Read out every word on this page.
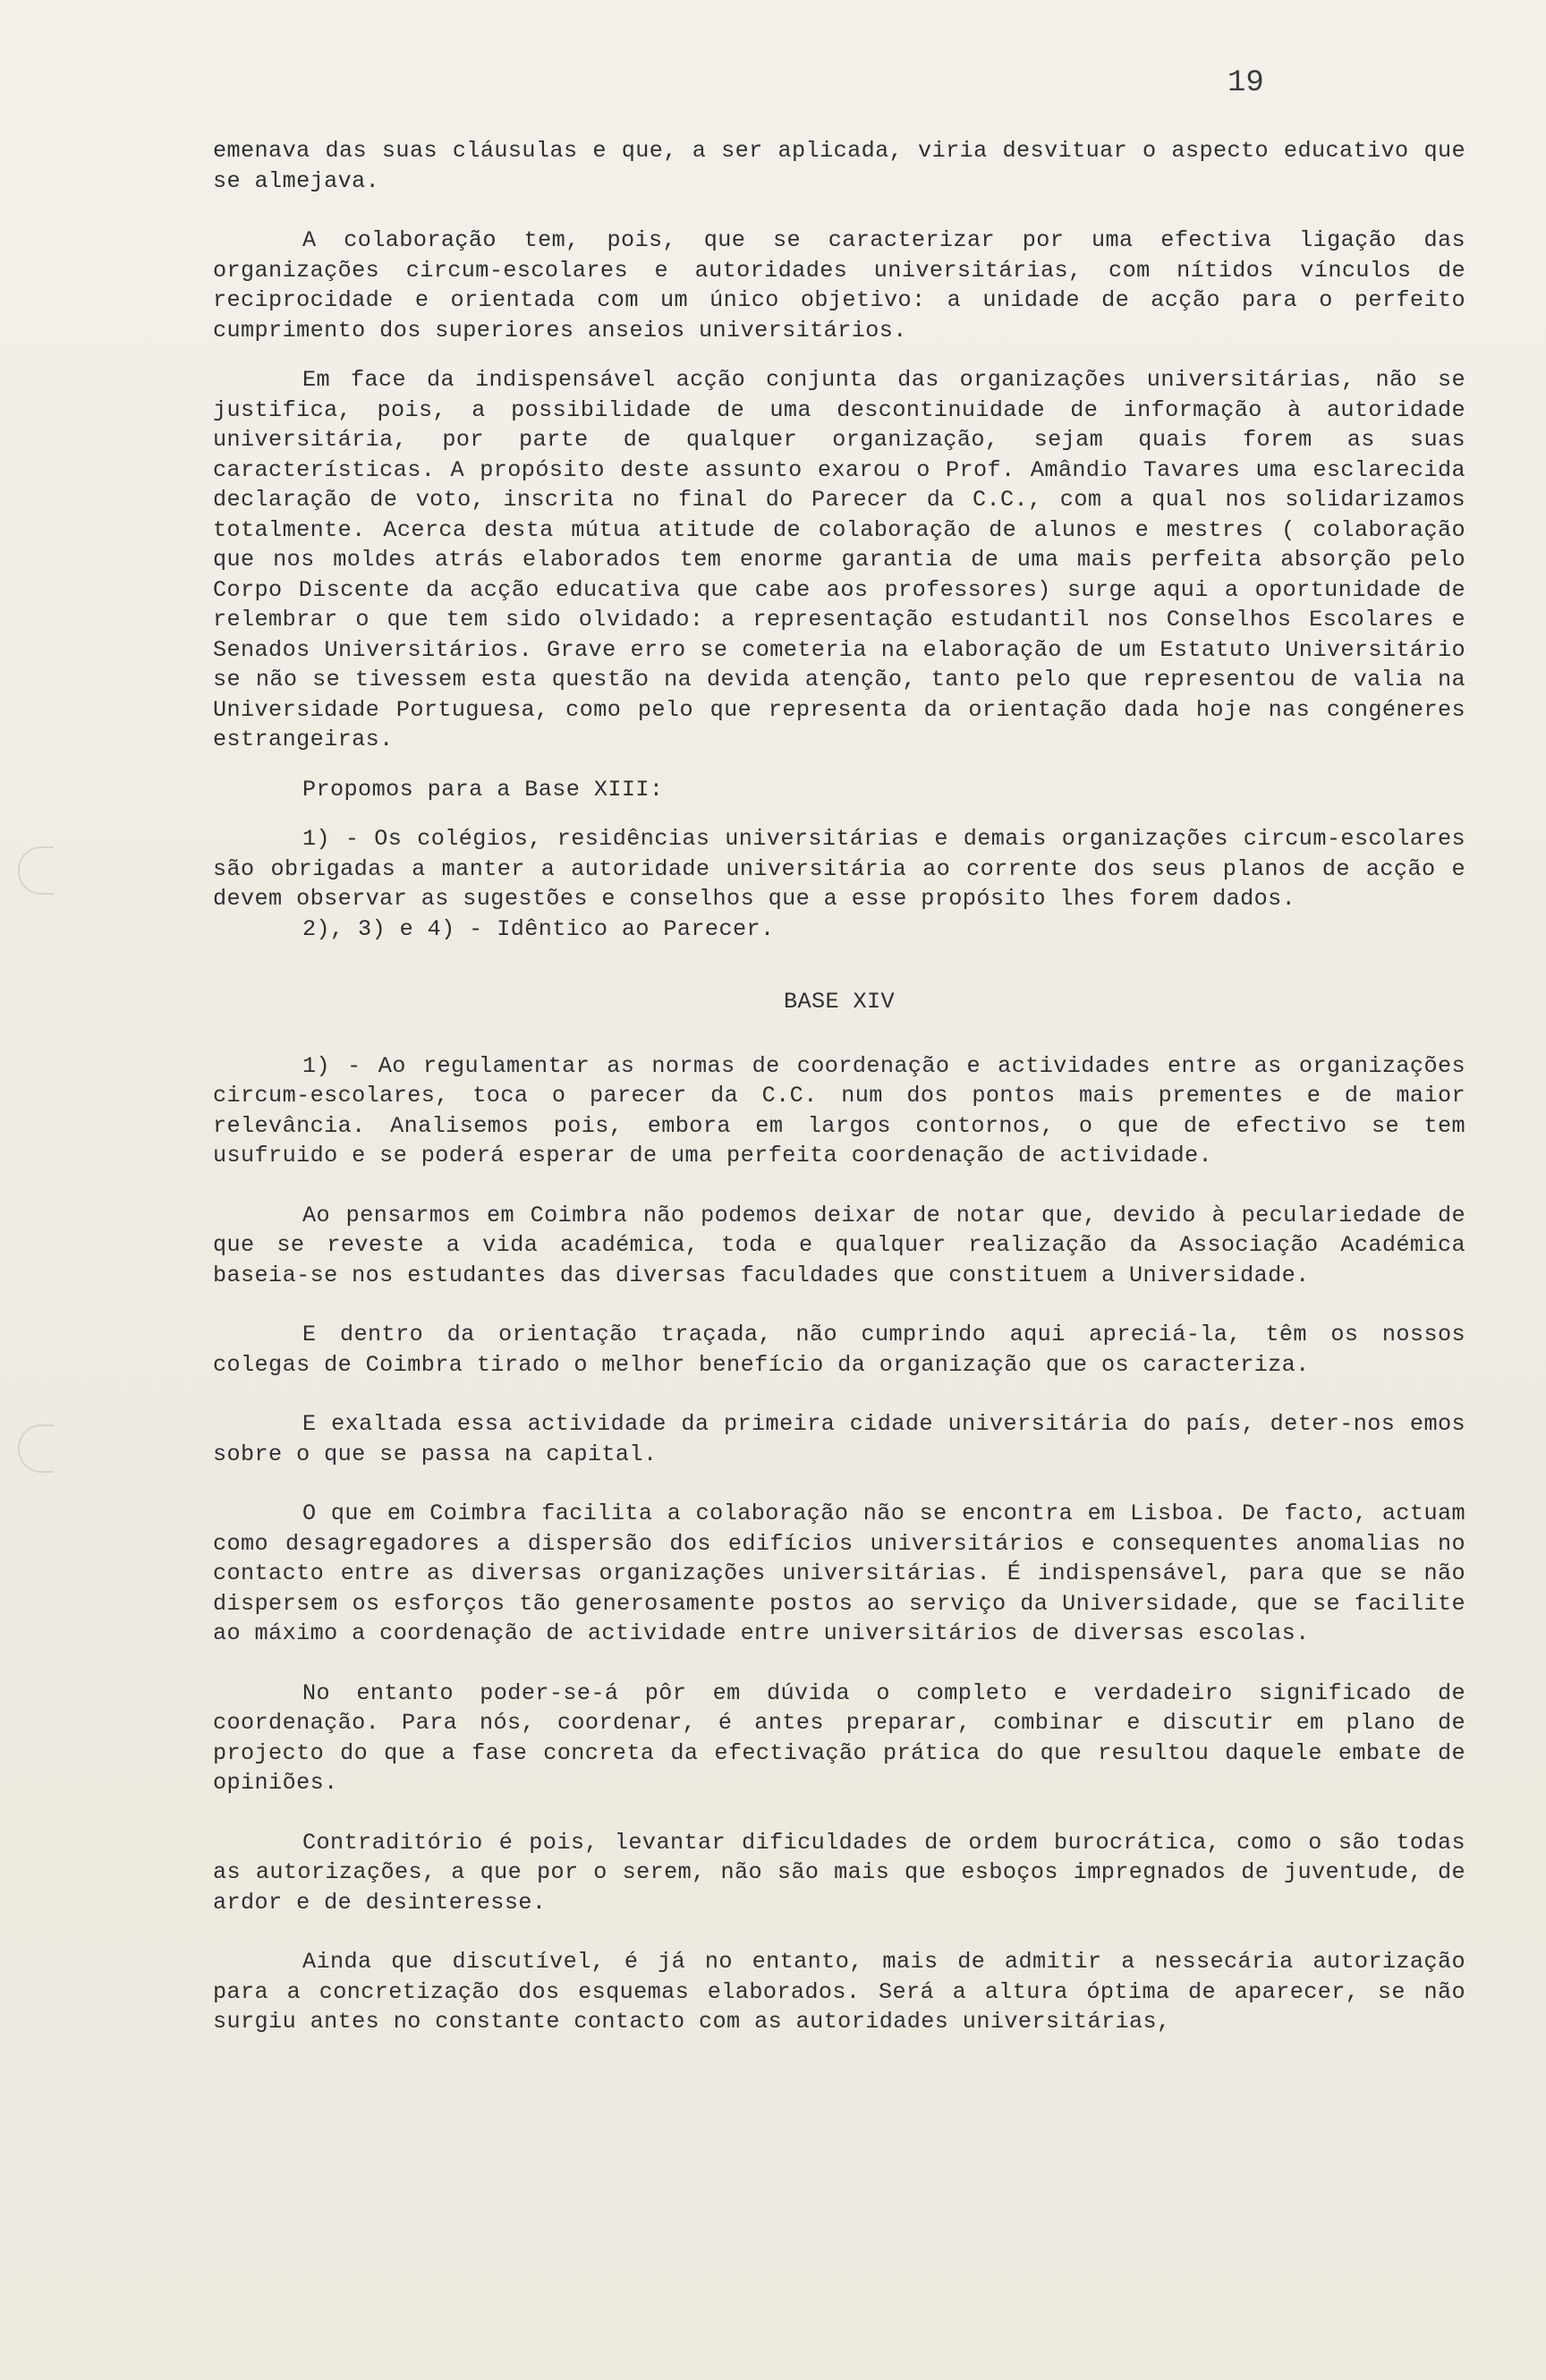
19

emenava das suas cláusulas e que, a ser aplicada, viria desvituar o aspecto educativo que se almejava.

A colaboração tem, pois, que se caracterizar por uma efectiva ligação das organizações circum-escolares e autoridades universitárias, com nítidos vínculos de reciprocidade e orientada com um único objetivo: a unidade de acção para o perfeito cumprimento dos superiores anseios universitários.

Em face da indispensável acção conjunta das organizações universitárias, não se justifica, pois, a possibilidade de uma descontinuidade de informação à autoridade universitária, por parte de qualquer organização, sejam quais forem as suas características. A propósito deste assunto exarou o Prof. Amândio Tavares uma esclarecida declaração de voto, inscrita no final do Parecer da C.C., com a qual nos solidarizamos totalmente. Acerca desta mútua atitude de colaboração de alunos e mestres ( colaboração que nos moldes atrás elaborados tem enorme garantia de uma mais perfeita absorção pelo Corpo Discente da acção educativa que cabe aos professores) surge aqui a oportunidade de relembrar o que tem sido olvidado: a representação estudantil nos Conselhos Escolares e Senados Universitários. Grave erro se cometeria na elaboração de um Estatuto Universitário se não se tivessem esta questão na devida atenção, tanto pelo que representou de valia na Universidade Portuguesa, como pelo que representa da orientação dada hoje nas congéneres estrangeiras.

Propomos para a Base XIII:

1) - Os colégios, residências universitárias e demais organizações circum-escolares são obrigadas a manter a autoridade universitária ao corrente dos seus planos de acção e devem observar as sugestões e conselhos que a esse propósito lhes forem dados.

2), 3) e 4) - Idêntico ao Parecer.

BASE XIV

1) - Ao regulamentar as normas de coordenação e actividades entre as organizações circum-escolares, toca o parecer da C.C. num dos pontos mais prementes e de maior relevância. Analisemos pois, embora em largos contornos, o que de efectivo se tem usufruido e se poderá esperar de uma perfeita coordenação de actividade.

Ao pensarmos em Coimbra não podemos deixar de notar que, devido à peculariedade de que se reveste a vida académica, toda e qualquer realização da Associação Académica baseia-se nos estudantes das diversas faculdades que constituem a Universidade.

E dentro da orientação traçada, não cumprindo aqui apreciá-la, têm os nossos colegas de Coimbra tirado o melhor benefício da organização que os caracteriza.

E exaltada essa actividade da primeira cidade universitária do país, deter-nos emos sobre o que se passa na capital.

O que em Coimbra facilita a colaboração não se encontra em Lisboa. De facto, actuam como desagregadores a dispersão dos edifícios universitários e consequentes anomalias no contacto entre as diversas organizações universitárias. É indispensável, para que se não dispersem os esforços tão generosamente postos ao serviço da Universidade, que se facilite ao máximo a coordenação de actividade entre universitários de diversas escolas.

No entanto poder-se-á pôr em dúvida o completo e verdadeiro significado de coordenação. Para nós, coordenar, é antes preparar, combinar e discutir em plano de projecto do que a fase concreta da efectivação prática do que resultou daquele embate de opiniões.

Contraditório é pois, levantar dificuldades de ordem burocrática, como o são todas as autorizações, a que por o serem, não são mais que esboços impregnados de juventude, de ardor e de desinteresse.

Ainda que discutível, é já no entanto, mais de admitir a nessecária autorização para a concretização dos esquemas elaborados. Será a altura óptima de aparecer, se não surgiu antes no constante contacto com as autoridades universitárias,
